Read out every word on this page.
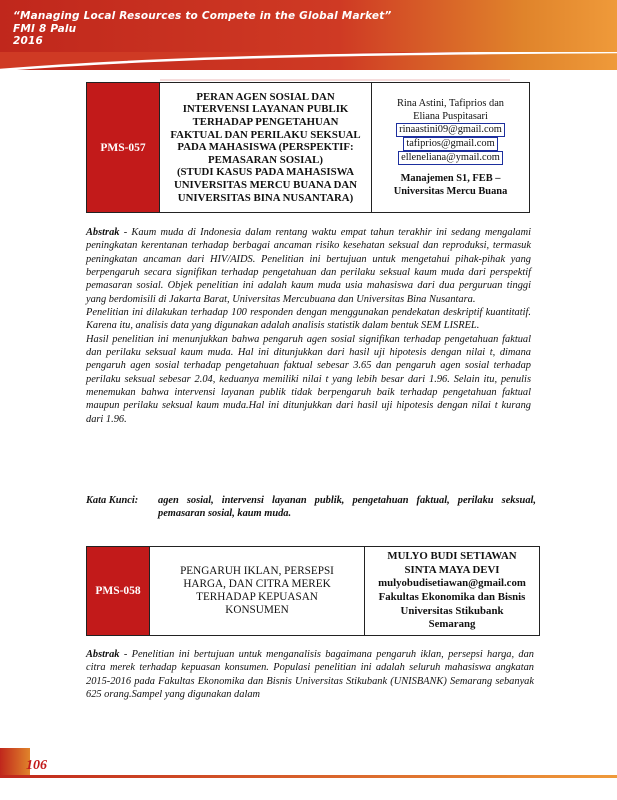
“Managing Local Resources to Compete in the Global Market”
FMI 8 Palu
2016
PMS-057	
PERAN AGEN SOSIAL DAN
INTERVENSI LAYANAN PUBLIK
TERHADAP PENGETAHUAN
FAKTUAL DAN PERILAKU SEKSUAL
PADA MAHASISWA (PERSPEKTIF:
PEMASARAN SOSIAL)
(STUDI KASUS PADA MAHASISWA
UNIVERSITAS MERCU BUANA DAN
UNIVERSITAS BINA NUSANTARA)

Rina Astini, Tafiprios dan
Eliana Puspitasari
rinaastini09@gmail.com
tafiprios@gmail.com
elleneliana@ymail.com
Manajemen S1, FEB –
Universitas Mercu Buana

Abstrak - Kaum muda di Indonesia dalam rentang waktu empat tahun terakhir ini sedang mengalami peningkatan kerentanan terhadap berbagai ancaman risiko kesehatan seksual dan reproduksi, termasuk peningkatan ancaman dari HIV/AIDS. Penelitian ini bertujuan untuk mengetahui pihak-pihak yang berpengaruh secara signifikan terhadap pengetahuan dan perilaku seksual kaum muda dari perspektif pemasaran sosial. Objek penelitian ini adalah kaum muda usia mahasiswa dari dua perguruan tinggi yang berdomisili di Jakarta Barat, Universitas Mercubuana dan Universitas Bina Nusantara.

Penelitian ini dilakukan terhadap 100 responden dengan menggunakan pendekatan deskriptif kuantitatif. Karena itu, analisis data yang digunakan adalah analisis statistik dalam bentuk SEM LISREL.

Hasil penelitian ini menunjukkan bahwa pengaruh agen sosial signifikan terhadap pengetahuan faktual dan perilaku seksual kaum muda. Hal ini ditunjukkan dari hasil uji hipotesis dengan nilai t, dimana pengaruh agen sosial terhadap pengetahuan faktual sebesar 3.65 dan pengaruh agen sosial terhadap perilaku seksual sebesar 2.04, keduanya memiliki nilai t yang lebih besar dari 1.96. Selain itu, penulis menemukan bahwa intervensi layanan publik tidak berpengaruh baik terhadap pengetahuan faktual maupun perilaku seksual kaum muda.Hal ini ditunjukkan dari hasil uji hipotesis dengan nilai t kurang dari 1.96.

Kata Kunci: agen sosial, intervensi layanan publik, pengetahuan faktual, perilaku seksual, pemasaran sosial, kaum muda.
PMS-058	
PENGARUH IKLAN, PERSEPSI
HARGA, DAN CITRA MEREK
TERHADAP KEPUASAN
KONSUMEN

MULYO BUDI SETIAWAN
SINTA MAYA DEVI
mulyobudisetiawan@gmail.com
Fakultas Ekonomika dan Bisnis
Universitas Stikubank
Semarang

Abstrak - Penelitian ini bertujuan untuk menganalisis bagaimana pengaruh iklan, persepsi harga, dan citra merek terhadap kepuasan konsumen. Populasi penelitian ini adalah seluruh mahasiswa angkatan 2015-2016 pada Fakultas Ekonomika dan Bisnis Universitas Stikubank (UNISBANK) Semarang sebanyak 625 orang.Sampel yang digunakan dalam

106
